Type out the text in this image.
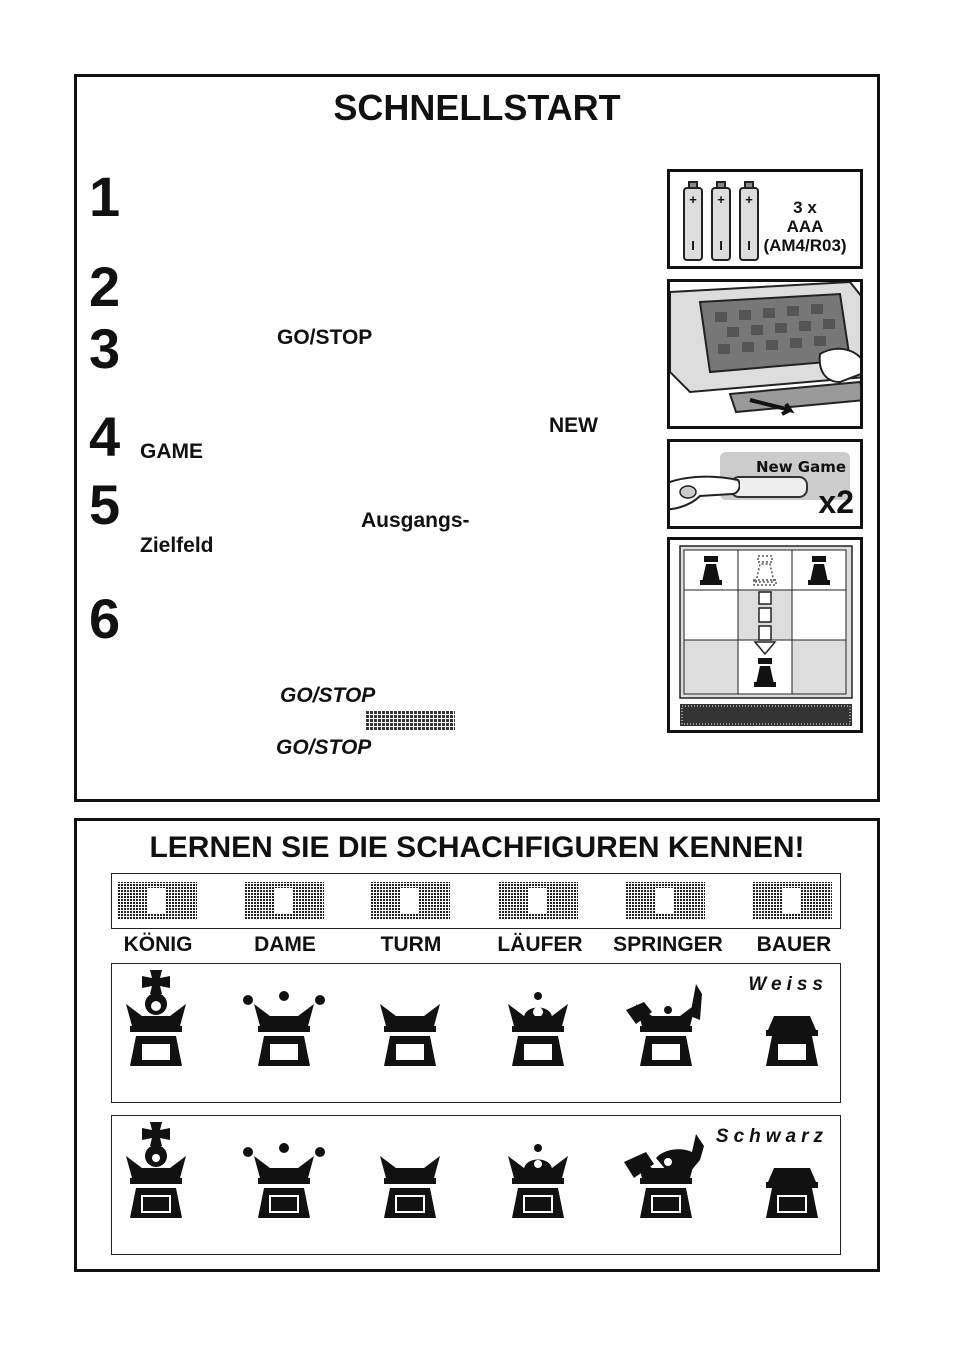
SCHNELLSTART
1
2
3
4
5
6
GO/STOP
NEW
GAME
Ausgangs-
Zielfeld
GO/STOP
GO/STOP
+ + +
I I I
3 x
AAA
(AM4/R03)
New Game
x2
LERNEN SIE DIE SCHACHFIGUREN KENNEN!
KÖNIG	DAME	TURM	LÄUFER	SPRINGER	BAUER
Weiss
Schwarz
